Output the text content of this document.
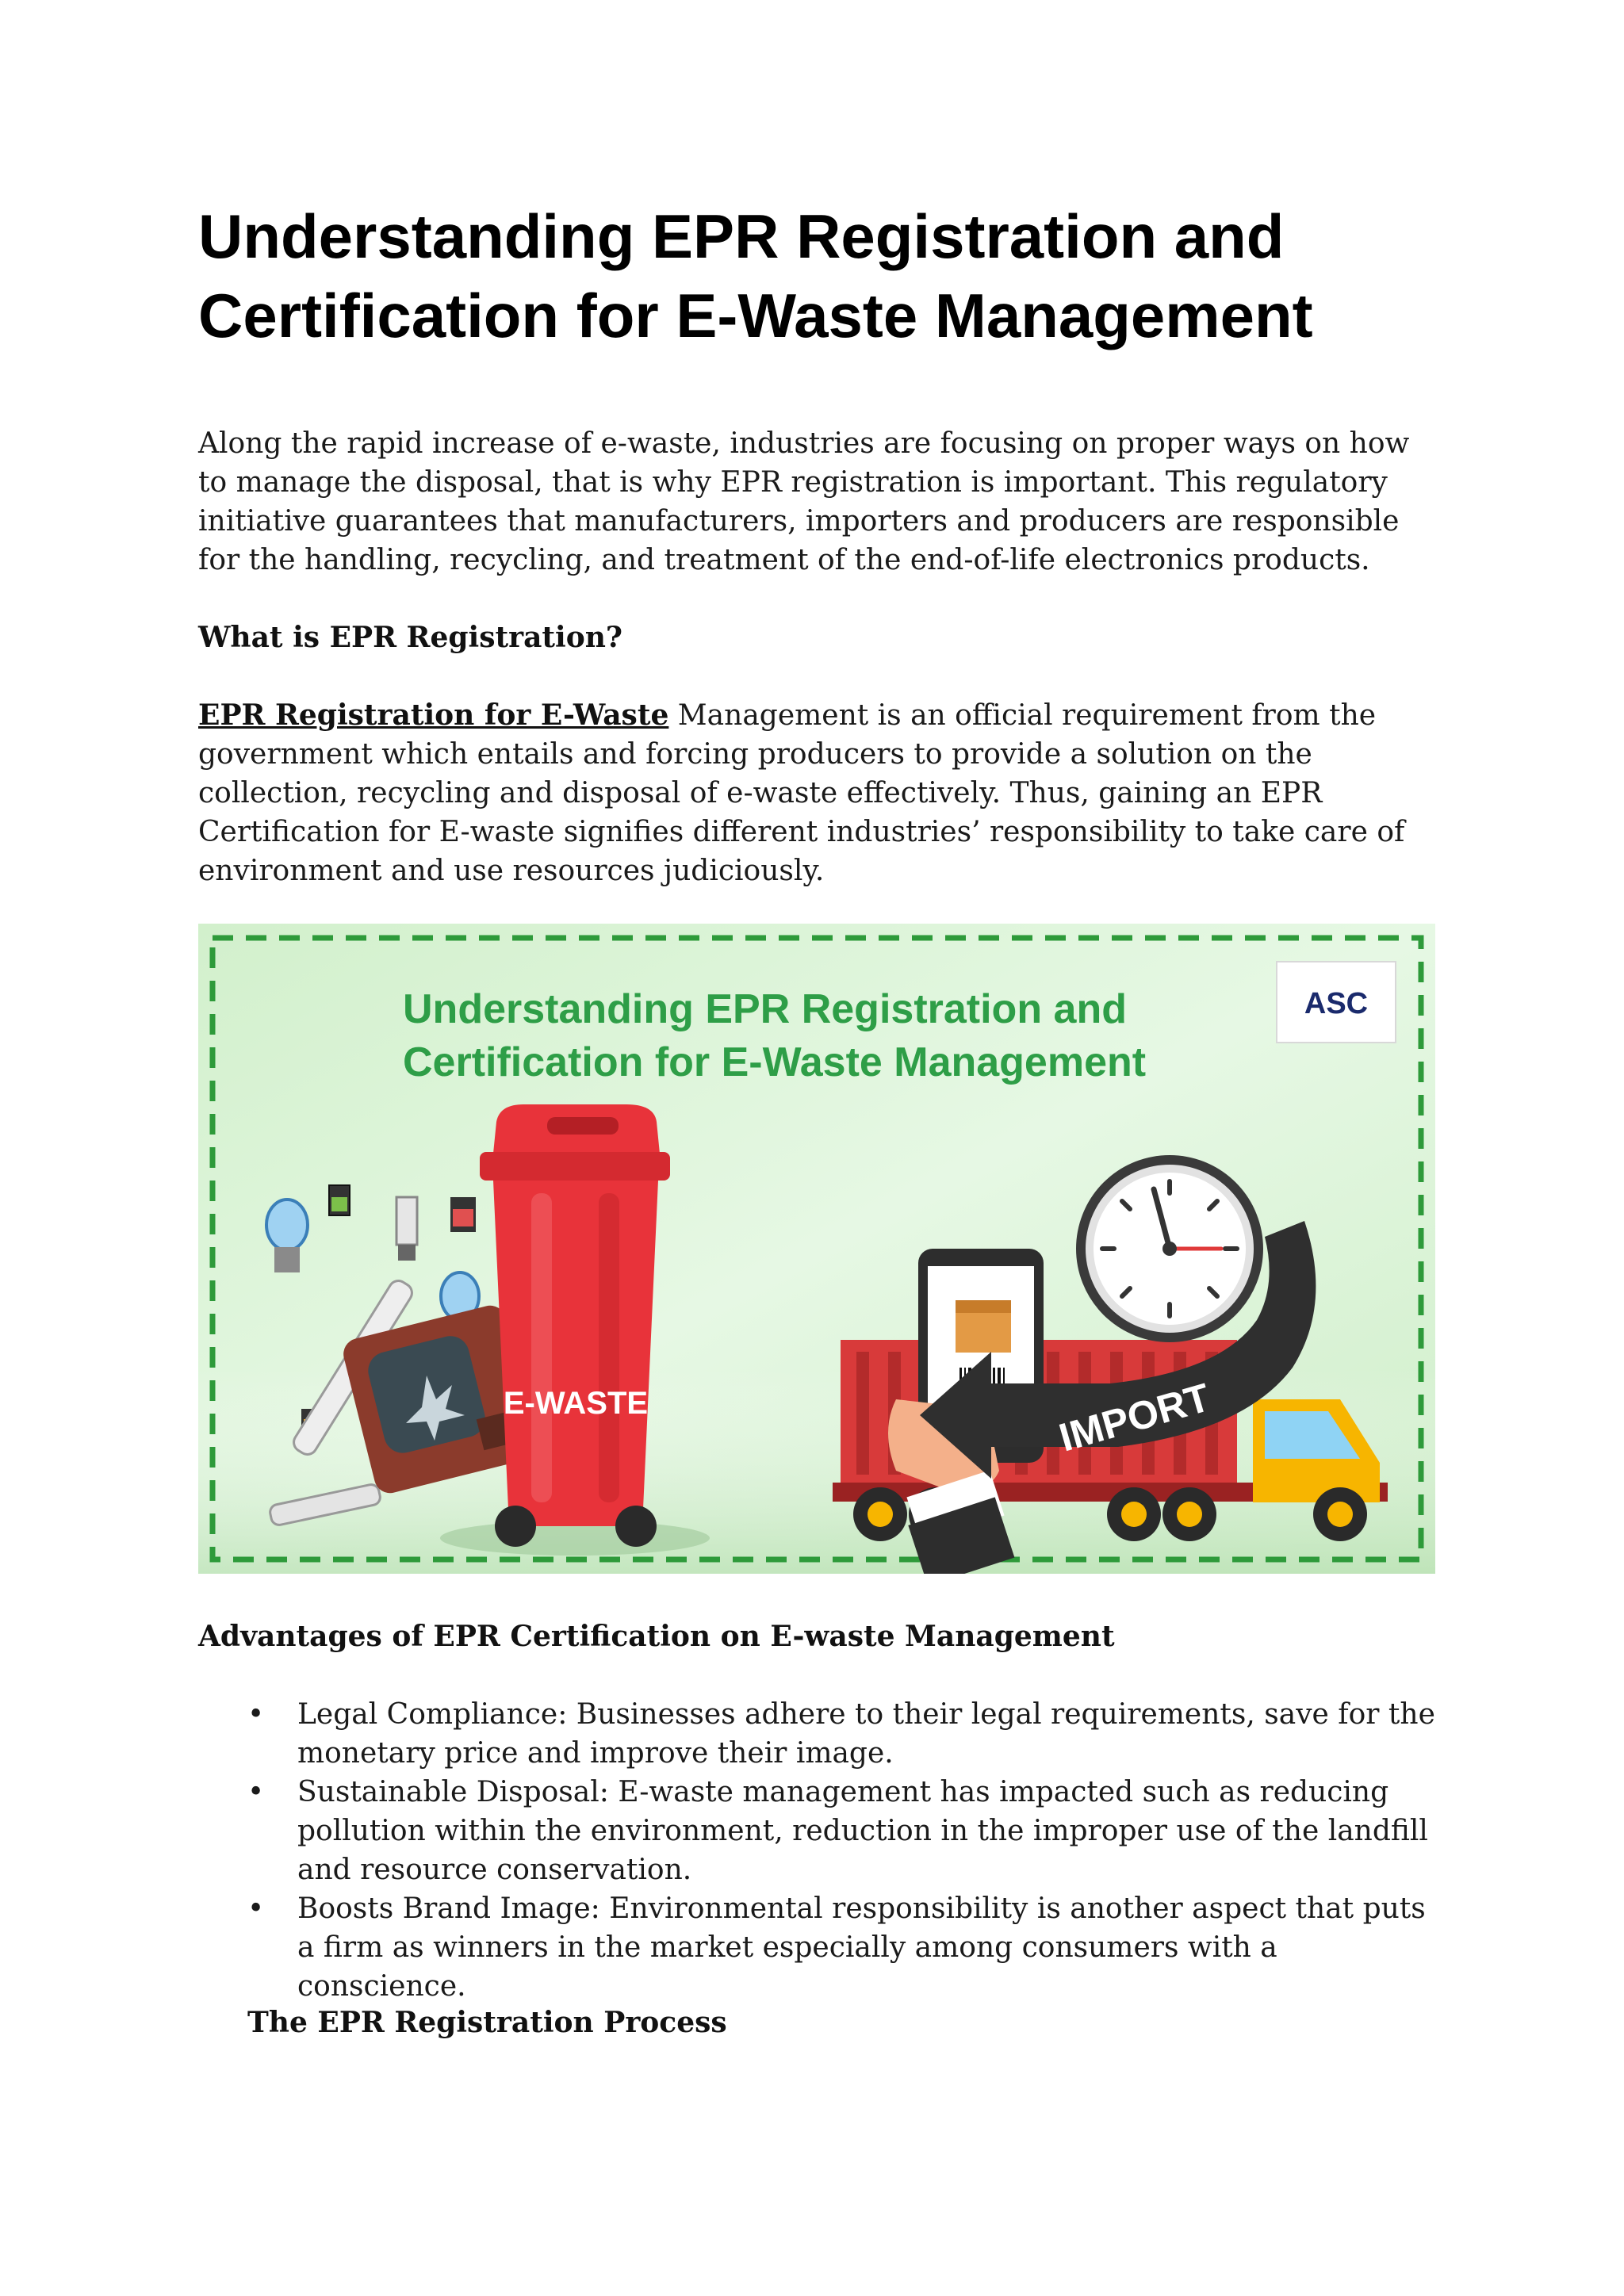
Understanding EPR Registration and Certification for E-Waste Management

Along the rapid increase of e-waste, industries are focusing on proper ways on how to manage the disposal, that is why EPR registration is important. This regulatory initiative guarantees that manufacturers, importers and producers are responsible for the handling, recycling, and treatment of the end-of-life electronics products.

What is EPR Registration?

EPR Registration for E-Waste Management is an official requirement from the government which entails and forcing producers to provide a solution on the collection, recycling and disposal of e-waste effectively. Thus, gaining an EPR Certification for E-waste signifies different industries’ responsibility to take care of environment and use resources judiciously.

Understanding EPR Registration and
Certification for E-Waste Management
ASC
E-WASTE	IMPORT
Advantages of EPR Certification on E-waste Management
• Legal Compliance: Businesses adhere to their legal requirements, save for the monetary price and improve their image.
• Sustainable Disposal: E-waste management has impacted such as reducing pollution within the environment, reduction in the improper use of the landfill and resource conservation.
• Boosts Brand Image: Environmental responsibility is another aspect that puts a firm as winners in the market especially among consumers with a conscience.
The EPR Registration Process
